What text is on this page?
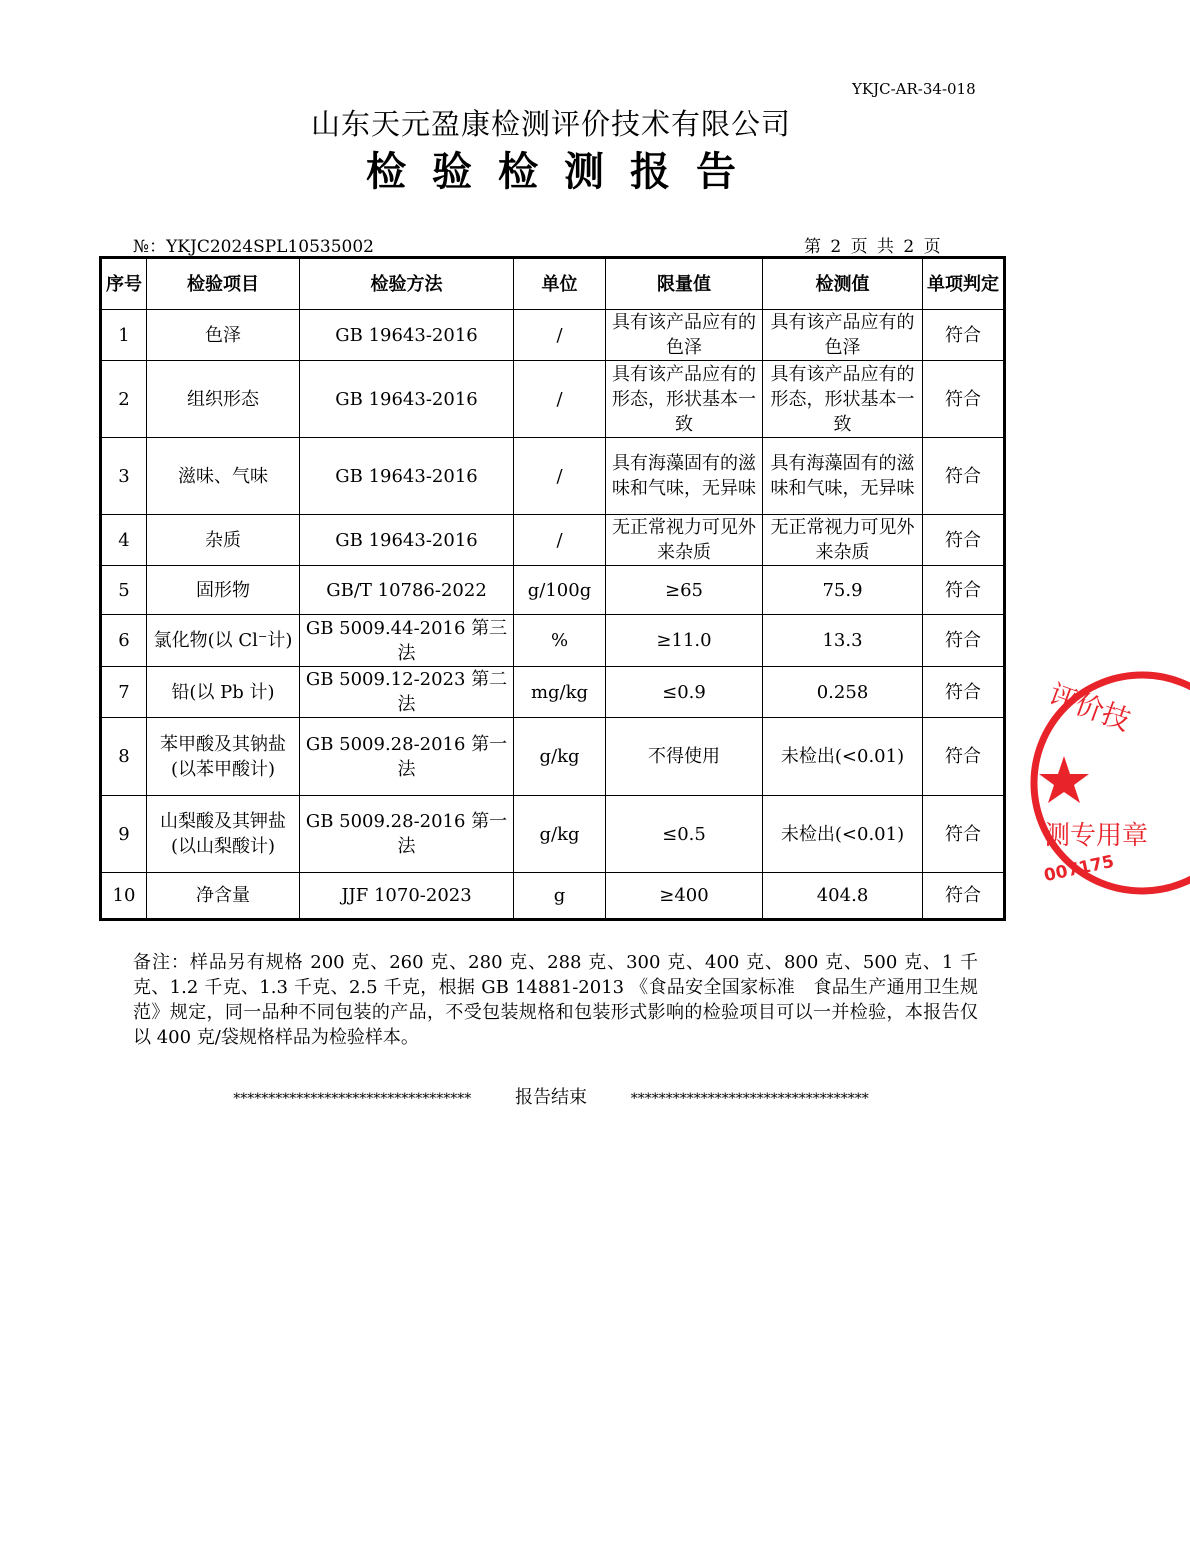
YKJC-AR-34-018
山东天元盈康检测评价技术有限公司
检验检测报告
№：YKJC2024SPL10535002	第 2 页 共 2 页
序号	检验项目	检验方法	单位	限量值	检测值	单项判定
1	色泽	GB 19643-2016	/	具有该产品应有的色泽	具有该产品应有的色泽	符合
2	组织形态	GB 19643-2016	/	具有该产品应有的形态，形状基本一致	具有该产品应有的形态，形状基本一致	符合
3	滋味、气味	GB 19643-2016	/	具有海藻固有的滋味和气味，无异味	具有海藻固有的滋味和气味，无异味	符合
4	杂质	GB 19643-2016	/	无正常视力可见外来杂质	无正常视力可见外来杂质	符合
5	固形物	GB/T 10786-2022	g/100g	≥65	75.9	符合
6	氯化物(以 Cl⁻计)	GB 5009.44-2016 第三法	%	≥11.0	13.3	符合
7	铅(以 Pb 计)	GB 5009.12-2023 第二法	mg/kg	≤0.9	0.258	符合
8	苯甲酸及其钠盐(以苯甲酸计)	GB 5009.28-2016 第一法	g/kg	不得使用	未检出(<0.01)	符合
9	山梨酸及其钾盐(以山梨酸计)	GB 5009.28-2016 第一法	g/kg	≤0.5	未检出(<0.01)	符合
10	净含量	JJF 1070-2023	g	≥400	404.8	符合
备注：样品另有规格 200 克、260 克、280 克、288 克、300 克、400 克、800 克、500 克、1 千克、1.2 千克、1.3 千克、2.5 千克，根据 GB 14881-2013 《食品安全国家标准　食品生产通用卫生规范》规定，同一品种不同包装的产品，不受包装规格和包装形式影响的检验项目可以一并检验，本报告仅以 400 克/袋规格样品为检验样本。
********************************** 报告结束	**********************************
评价技
测专用章
007175
